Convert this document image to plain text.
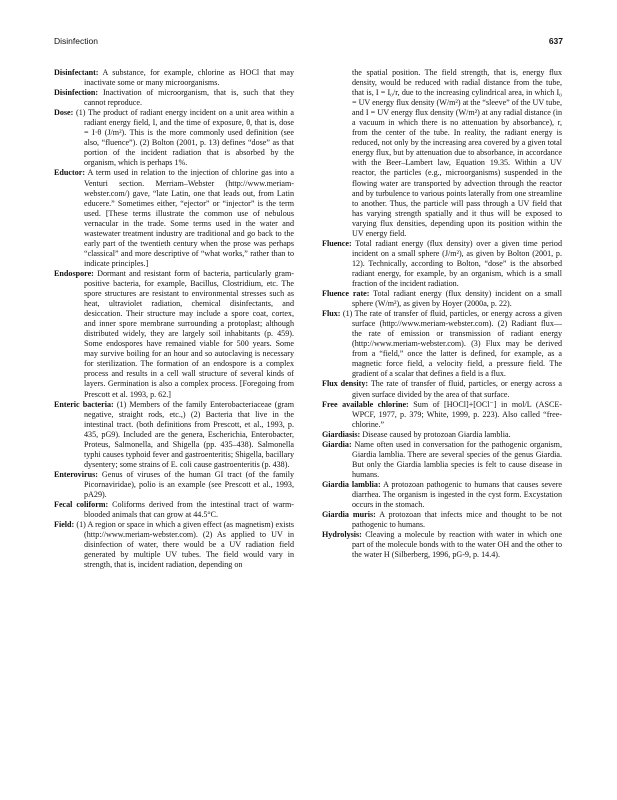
Disinfection	637

Disinfectant: A substance, for example, chlorine as HOCl that may inactivate some or many microorganisms.

Disinfection: Inactivation of microorganism, that is, such that they cannot reproduce.

Dose: (1) The product of radiant energy incident on a unit area within a radiant energy field, I, and the time of exposure, θ, that is, dose = I·θ (J/m²). This is the more commonly used definition (see also, “fluence”). (2) Bolton (2001, p. 13) defines “dose” as that portion of the incident radiation that is absorbed by the organism, which is perhaps 1%.

Eductor: A term used in relation to the injection of chlorine gas into a Venturi section. Merriam–Webster (http://www.meriam-webster.com/) gave, “late Latin, one that leads out, from Latin educere.” Sometimes either, “ejector” or “injector” is the term used. [These terms illustrate the common use of nebulous vernacular in the trade. Some terms used in the water and wastewater treatment industry are traditional and go back to the early part of the twentieth century when the prose was perhaps “classical” and more descriptive of “what works,” rather than to indicate principles.]

Endospore: Dormant and resistant form of bacteria, particularly gram-positive bacteria, for example, Bacillus, Clostridium, etc. The spore structures are resistant to environmental stresses such as heat, ultraviolet radiation, chemical disinfectants, and desiccation. Their structure may include a spore coat, cortex, and inner spore membrane surrounding a protoplast; although distributed widely, they are largely soil inhabitants (p. 459). Some endospores have remained viable for 500 years. Some may survive boiling for an hour and so autoclaving is necessary for sterilization. The formation of an endospore is a complex process and results in a cell wall structure of several kinds of layers. Germination is also a complex process. [Foregoing from Prescott et al. 1993, p. 62.]

Enteric bacteria: (1) Members of the family Enterobacteriaceae (gram negative, straight rods, etc.,) (2) Bacteria that live in the intestinal tract. (both definitions from Prescott, et al., 1993, p. 435, pG9). Included are the genera, Escherichia, Enterobacter, Proteus, Salmonella, and Shigella (pp. 435–438). Salmonella typhi causes typhoid fever and gastroenteritis; Shigella, bacillary dysentery; some strains of E. coli cause gastroenteritis (p. 438).

Enterovirus: Genus of viruses of the human GI tract (of the family Picornaviridae), polio is an example (see Prescott et al., 1993, pA29).

Fecal coliform: Coliforms derived from the intestinal tract of warm-blooded animals that can grow at 44.5°C.

Field: (1) A region or space in which a given effect (as magnetism) exists (http://www.meriam-webster.com). (2) As applied to UV in disinfection of water, there would be a UV radiation field generated by multiple UV tubes. The field would vary in strength, that is, incident radiation, depending on

the spatial position. The field strength, that is, energy flux density, would be reduced with radial distance from the tube, that is, I = I₀/r, due to the increasing cylindrical area, in which I₀ = UV energy flux density (W/m²) at the “sleeve” of the UV tube, and I = UV energy flux density (W/m²) at any radial distance (in a vacuum in which there is no attenuation by absorbance), r, from the center of the tube. In reality, the radiant energy is reduced, not only by the increasing area covered by a given total energy flux, but by attenuation due to absorbance, in accordance with the Beer–Lambert law, Equation 19.35. Within a UV reactor, the particles (e.g., microorganisms) suspended in the flowing water are transported by advection through the reactor and by turbulence to various points laterally from one streamline to another. Thus, the particle will pass through a UV field that has varying strength spatially and it thus will be exposed to varying flux densities, depending upon its position within the UV energy field.

Fluence: Total radiant energy (flux density) over a given time period incident on a small sphere (J/m²), as given by Bolton (2001, p. 12). Technically, according to Bolton, “dose” is the absorbed radiant energy, for example, by an organism, which is a small fraction of the incident radiation.

Fluence rate: Total radiant energy (flux density) incident on a small sphere (W/m²), as given by Hoyer (2000a, p. 22).

Flux: (1) The rate of transfer of fluid, particles, or energy across a given surface (http://www.meriam-webster.com). (2) Radiant flux—the rate of emission or transmission of radiant energy (http://www.meriam-webster.com). (3) Flux may be derived from a “field,” once the latter is defined, for example, as a magnetic force field, a velocity field, a pressure field. The gradient of a scalar that defines a field is a flux.

Flux density: The rate of transfer of fluid, particles, or energy across a given surface divided by the area of that surface.

Free available chlorine: Sum of [HOCl]+[OCl⁻] in mol/L (ASCE-WPCF, 1977, p. 379; White, 1999, p. 223). Also called “free-chlorine.”

Giardiasis: Disease caused by protozoan Giardia lamblia.

Giardia: Name often used in conversation for the pathogenic organism, Giardia lamblia. There are several species of the genus Giardia. But only the Giardia lamblia species is felt to cause disease in humans.

Giardia lamblia: A protozoan pathogenic to humans that causes severe diarrhea. The organism is ingested in the cyst form. Excystation occurs in the stomach.

Giardia muris: A protozoan that infects mice and thought to be not pathogenic to humans.

Hydrolysis: Cleaving a molecule by reaction with water in which one part of the molecule bonds with to the water OH and the other to the water H (Silberberg, 1996, pG-9, p. 14.4).
